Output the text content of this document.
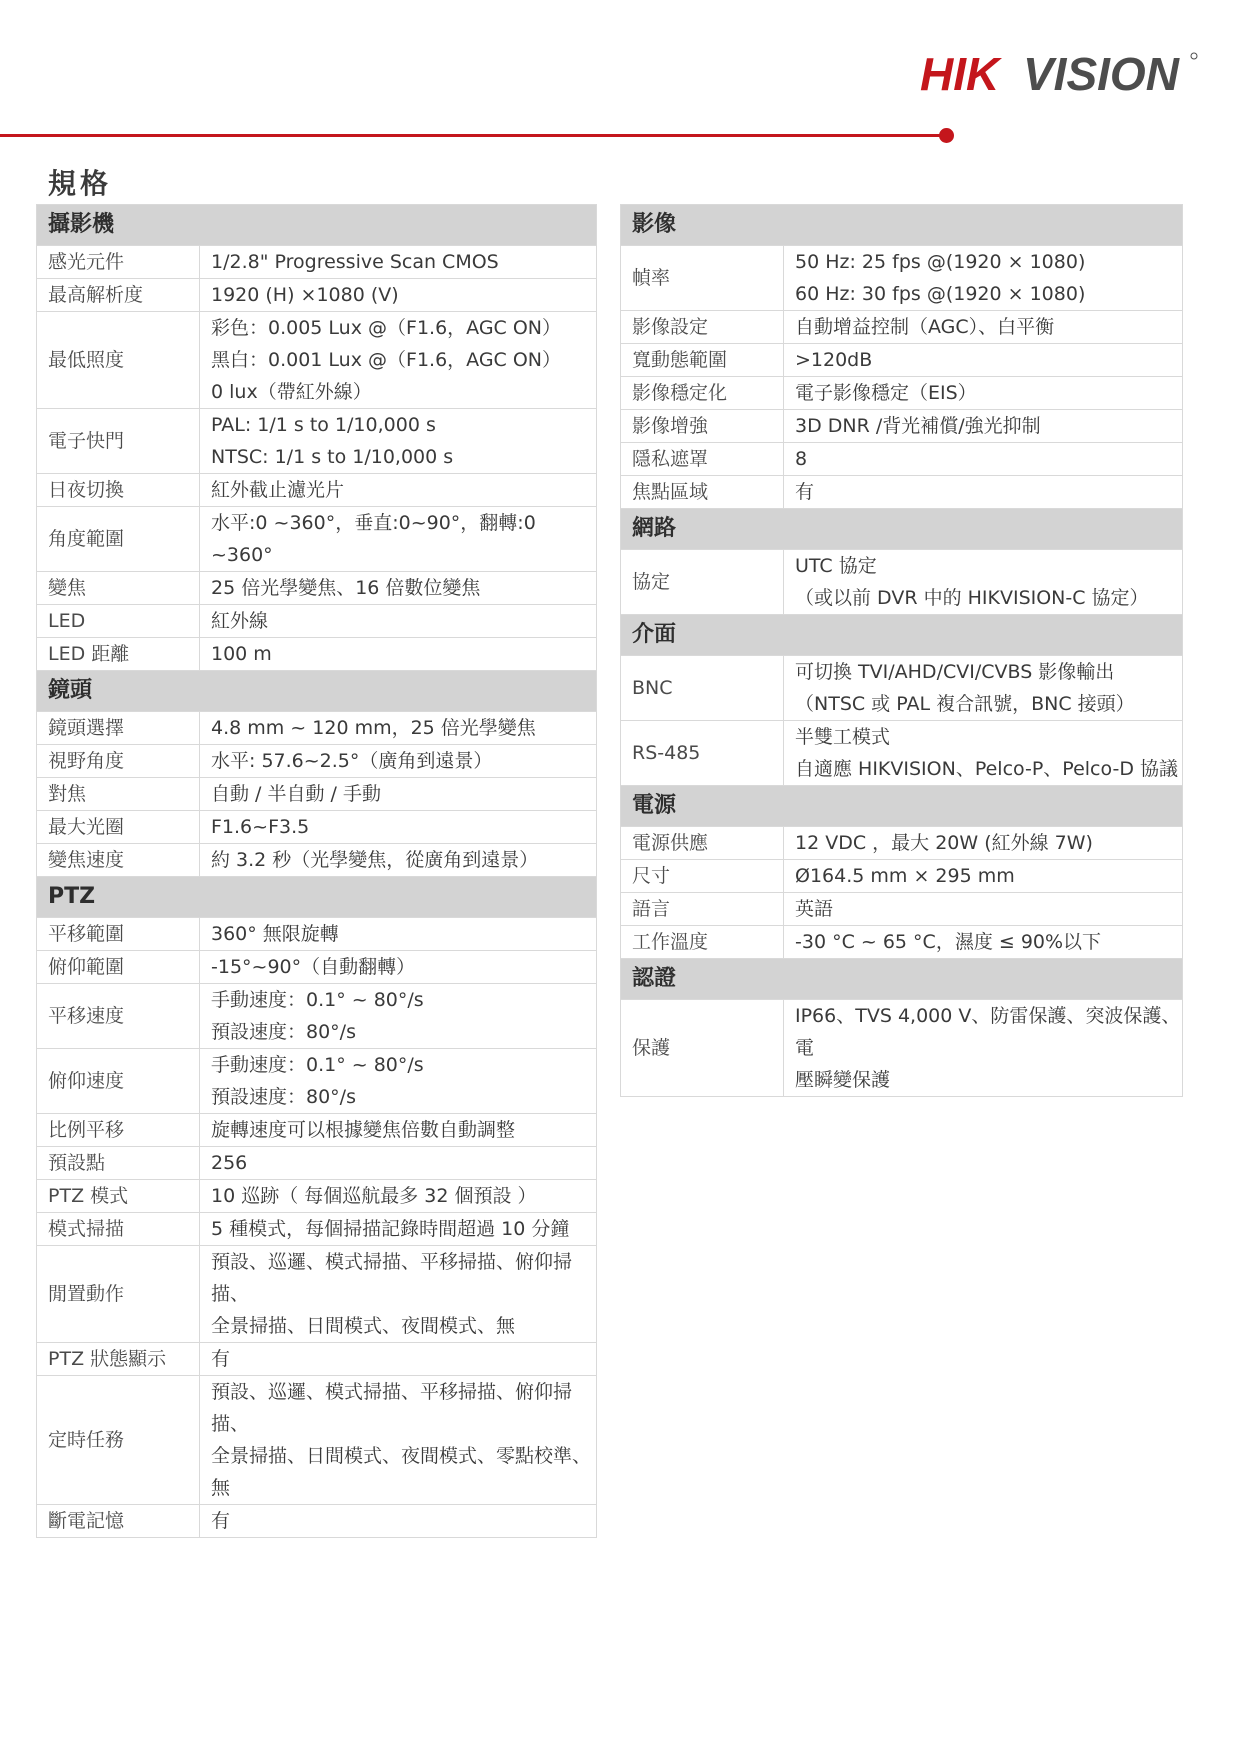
HIK VISION
規格
攝影機	
感光元件	1/2.8" Progressive Scan CMOS

最高解析度	1920 (H) ×1080 (V)

最低照度	彩色：0.005 Lux @（F1.6，AGC ON）
黑白：0.001 Lux @（F1.6，AGC ON）
0 lux（帶紅外線）

電子快門	PAL: 1/1 s to 1/10,000 s
NTSC: 1/1 s to 1/10,000 s

日夜切換	紅外截止濾光片

角度範圍	水平:0 ~360°，垂直:0~90°，翻轉:0 ~360°

變焦	25 倍光學變焦、16 倍數位變焦

LED	紅外線

LED 距離	100 m

鏡頭	
鏡頭選擇	4.8 mm ~ 120 mm，25 倍光學變焦

視野角度	水平: 57.6~2.5°（廣角到遠景）

對焦	自動 / 半自動 / 手動

最大光圈	F1.6~F3.5

變焦速度	約 3.2 秒（光學變焦，從廣角到遠景）

PTZ	
平移範圍	360° 無限旋轉

俯仰範圍	-15°~90°（自動翻轉）

平移速度	手動速度：0.1° ~ 80°/s
預設速度：80°/s

俯仰速度	手動速度：0.1° ~ 80°/s
預設速度：80°/s

比例平移	旋轉速度可以根據變焦倍數自動調整

預設點	256

PTZ 模式	10 巡跡（ 每個巡航最多 32 個預設 ）

模式掃描	5 種模式，每個掃描記錄時間超過 10 分鐘

閒置動作	預設、巡邏、模式掃描、平移掃描、俯仰掃描、
全景掃描、日間模式、夜間模式、無

PTZ 狀態顯示	有

定時任務	預設、巡邏、模式掃描、平移掃描、俯仰掃描、
全景掃描、日間模式、夜間模式、零點校準、
無

斷電記憶	有
影像	
幀率	50 Hz: 25 fps @(1920 × 1080)
60 Hz: 30 fps @(1920 × 1080)

影像設定	自動增益控制（AGC）、白平衡

寬動態範圍	>120dB

影像穩定化	電子影像穩定（EIS）

影像增強	3D DNR /背光補償/強光抑制

隱私遮罩	8

焦點區域	有

網路	
協定	UTC 協定
（或以前 DVR 中的 HIKVISION-C 協定）

介面	
BNC	可切換 TVI/AHD/CVI/CVBS 影像輸出
（NTSC 或 PAL 複合訊號，BNC 接頭）

RS-485	半雙工模式
自適應 HIKVISION、Pelco-P、Pelco-D 協議

電源	
電源供應	12 VDC ，最大 20W (紅外線 7W)

尺寸	Ø164.5 mm × 295 mm

語言	英語

工作溫度	-30 °C ~ 65 °C，濕度 ≤ 90%以下

認證	
保護	IP66、TVS 4,000 V、防雷保護、突波保護、電
壓瞬變保護
